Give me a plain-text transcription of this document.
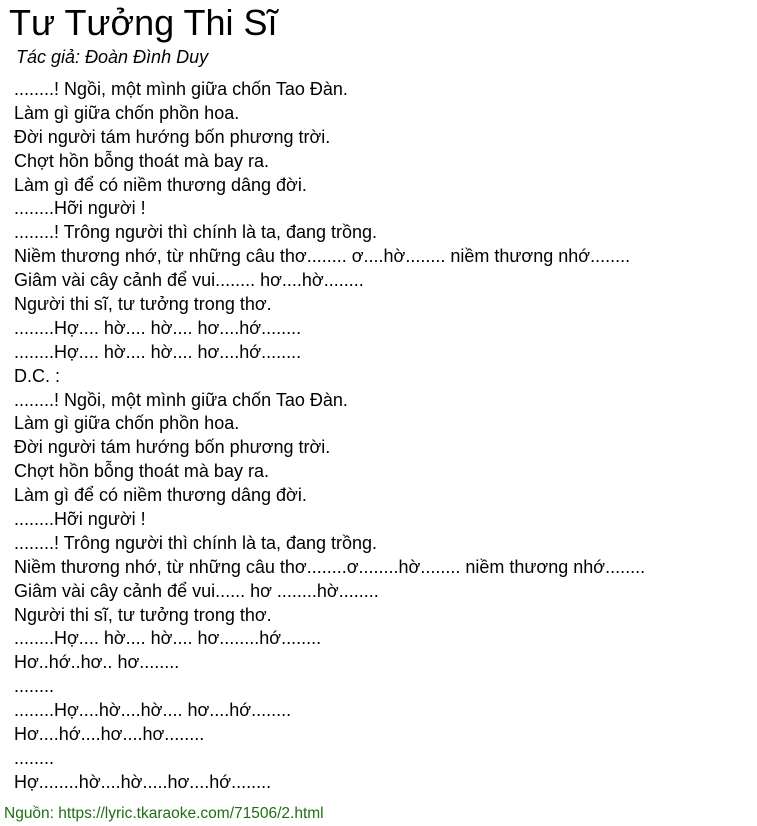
Tư Tưởng Thi Sĩ

Tác giả: Đoàn Đình Duy

........! Ngồi, một mình giữa chốn Tao Đàn.
Làm gì giữa chốn phồn hoa.
Đời người tám hướng bốn phương trời.
Chợt hồn bỗng thoát mà bay ra.
Làm gì để có niềm thương dâng đời.
........Hỡi người !
........! Trông người thì chính là ta, đang trồng.
Niềm thương nhớ, từ những câu thơ........ ơ....hờ........ niềm thương nhớ........
Giâm vài cây cảnh để vui........ hơ....hờ........
Người thi sĩ, tư tưởng trong thơ.
........Hợ.... hờ.... hờ.... hơ....hớ........
........Hợ.... hờ.... hờ.... hơ....hớ........
D.C. :
........! Ngồi, một mình giữa chốn Tao Đàn.
Làm gì giữa chốn phồn hoa.
Đời người tám hướng bốn phương trời.
Chợt hồn bỗng thoát mà bay ra.
Làm gì để có niềm thương dâng đời.
........Hỡi người !
........! Trông người thì chính là ta, đang trồng.
Niềm thương nhớ, từ những câu thơ........ơ........hờ........ niềm thương nhớ........
Giâm vài cây cảnh để vui...... hơ ........hờ........
Người thi sĩ, tư tưởng trong thơ.
........Hợ.... hờ.... hờ.... hơ........hớ........
Hơ..hớ..hơ.. hơ........
........
........Hợ....hờ....hờ.... hơ....hớ........
Hơ....hớ....hơ....hơ........
........
Hợ........hờ....hờ.....hơ....hớ........

Nguồn: https://lyric.tkaraoke.com/71506/2.html
